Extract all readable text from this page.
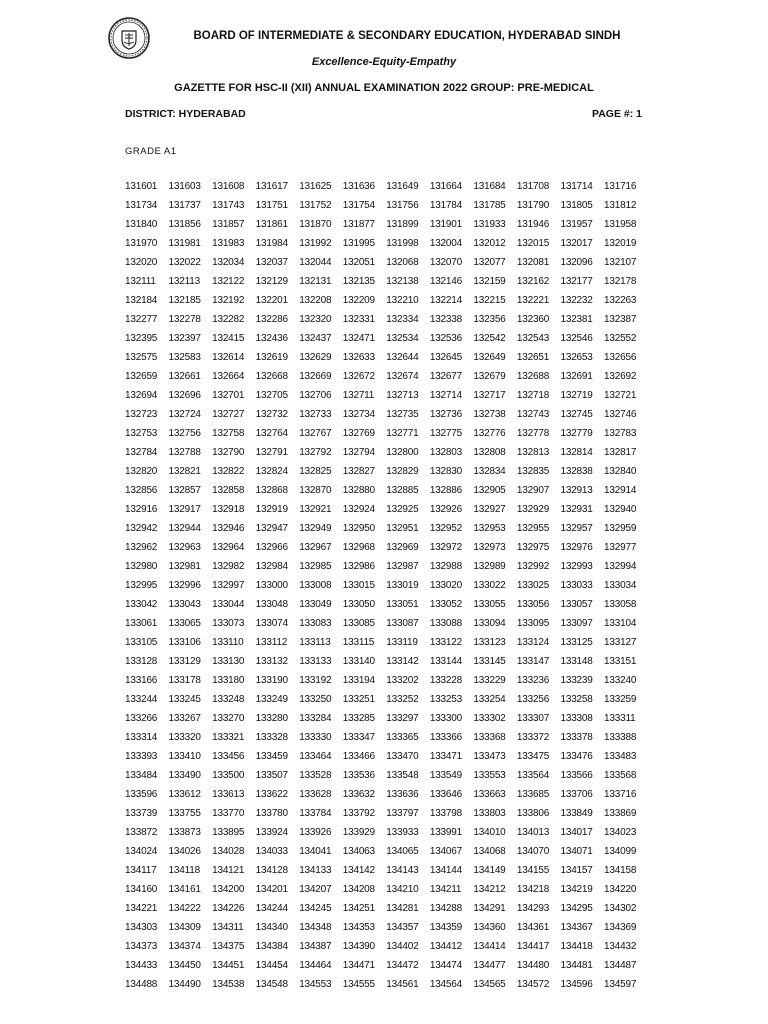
BOARD OF INTERMEDIATE & SECONDARY EDUCATION, HYDERABAD SINDH
Excellence-Equity-Empathy
GAZETTE FOR HSC-II (XII) ANNUAL EXAMINATION 2022 GROUP: PRE-MEDICAL
DISTRICT: HYDERABAD	PAGE #: 1
GRADE A1
131601	131603	131608	131617	131625	131636	131649	131664	131684	131708	131714	131716
131734	131737	131743	131751	131752	131754	131756	131784	131785	131790	131805	131812
131840	131856	131857	131861	131870	131877	131899	131901	131933	131946	131957	131958
131970	131981	131983	131984	131992	131995	131998	132004	132012	132015	132017	132019
132020	132022	132034	132037	132044	132051	132068	132070	132077	132081	132096	132107
132111	132113	132122	132129	132131	132135	132138	132146	132159	132162	132177	132178
132184	132185	132192	132201	132208	132209	132210	132214	132215	132221	132232	132263
132277	132278	132282	132286	132320	132331	132334	132338	132356	132360	132381	132387
132395	132397	132415	132436	132437	132471	132534	132536	132542	132543	132546	132552
132575	132583	132614	132619	132629	132633	132644	132645	132649	132651	132653	132656
132659	132661	132664	132668	132669	132672	132674	132677	132679	132688	132691	132692
132694	132696	132701	132705	132706	132711	132713	132714	132717	132718	132719	132721
132723	132724	132727	132732	132733	132734	132735	132736	132738	132743	132745	132746
132753	132756	132758	132764	132767	132769	132771	132775	132776	132778	132779	132783
132784	132788	132790	132791	132792	132794	132800	132803	132808	132813	132814	132817
132820	132821	132822	132824	132825	132827	132829	132830	132834	132835	132838	132840
132856	132857	132858	132868	132870	132880	132885	132886	132905	132907	132913	132914
132916	132917	132918	132919	132921	132924	132925	132926	132927	132929	132931	132940
132942	132944	132946	132947	132949	132950	132951	132952	132953	132955	132957	132959
132962	132963	132964	132966	132967	132968	132969	132972	132973	132975	132976	132977
132980	132981	132982	132984	132985	132986	132987	132988	132989	132992	132993	132994
132995	132996	132997	133000	133008	133015	133019	133020	133022	133025	133033	133034
133042	133043	133044	133048	133049	133050	133051	133052	133055	133056	133057	133058
133061	133065	133073	133074	133083	133085	133087	133088	133094	133095	133097	133104
133105	133106	133110	133112	133113	133115	133119	133122	133123	133124	133125	133127
133128	133129	133130	133132	133133	133140	133142	133144	133145	133147	133148	133151
133166	133178	133180	133190	133192	133194	133202	133228	133229	133236	133239	133240
133244	133245	133248	133249	133250	133251	133252	133253	133254	133256	133258	133259
133266	133267	133270	133280	133284	133285	133297	133300	133302	133307	133308	133311
133314	133320	133321	133328	133330	133347	133365	133366	133368	133372	133378	133388
133393	133410	133456	133459	133464	133466	133470	133471	133473	133475	133476	133483
133484	133490	133500	133507	133528	133536	133548	133549	133553	133564	133566	133568
133596	133612	133613	133622	133628	133632	133636	133646	133663	133685	133706	133716
133739	133755	133770	133780	133784	133792	133797	133798	133803	133806	133849	133869
133872	133873	133895	133924	133926	133929	133933	133991	134010	134013	134017	134023
134024	134026	134028	134033	134041	134063	134065	134067	134068	134070	134071	134099
134117	134118	134121	134128	134133	134142	134143	134144	134149	134155	134157	134158
134160	134161	134200	134201	134207	134208	134210	134211	134212	134218	134219	134220
134221	134222	134226	134244	134245	134251	134281	134288	134291	134293	134295	134302
134303	134309	134311	134340	134348	134353	134357	134359	134360	134361	134367	134369
134373	134374	134375	134384	134387	134390	134402	134412	134414	134417	134418	134432
134433	134450	134451	134454	134464	134471	134472	134474	134477	134480	134481	134487
134488	134490	134538	134548	134553	134555	134561	134564	134565	134572	134596	134597
